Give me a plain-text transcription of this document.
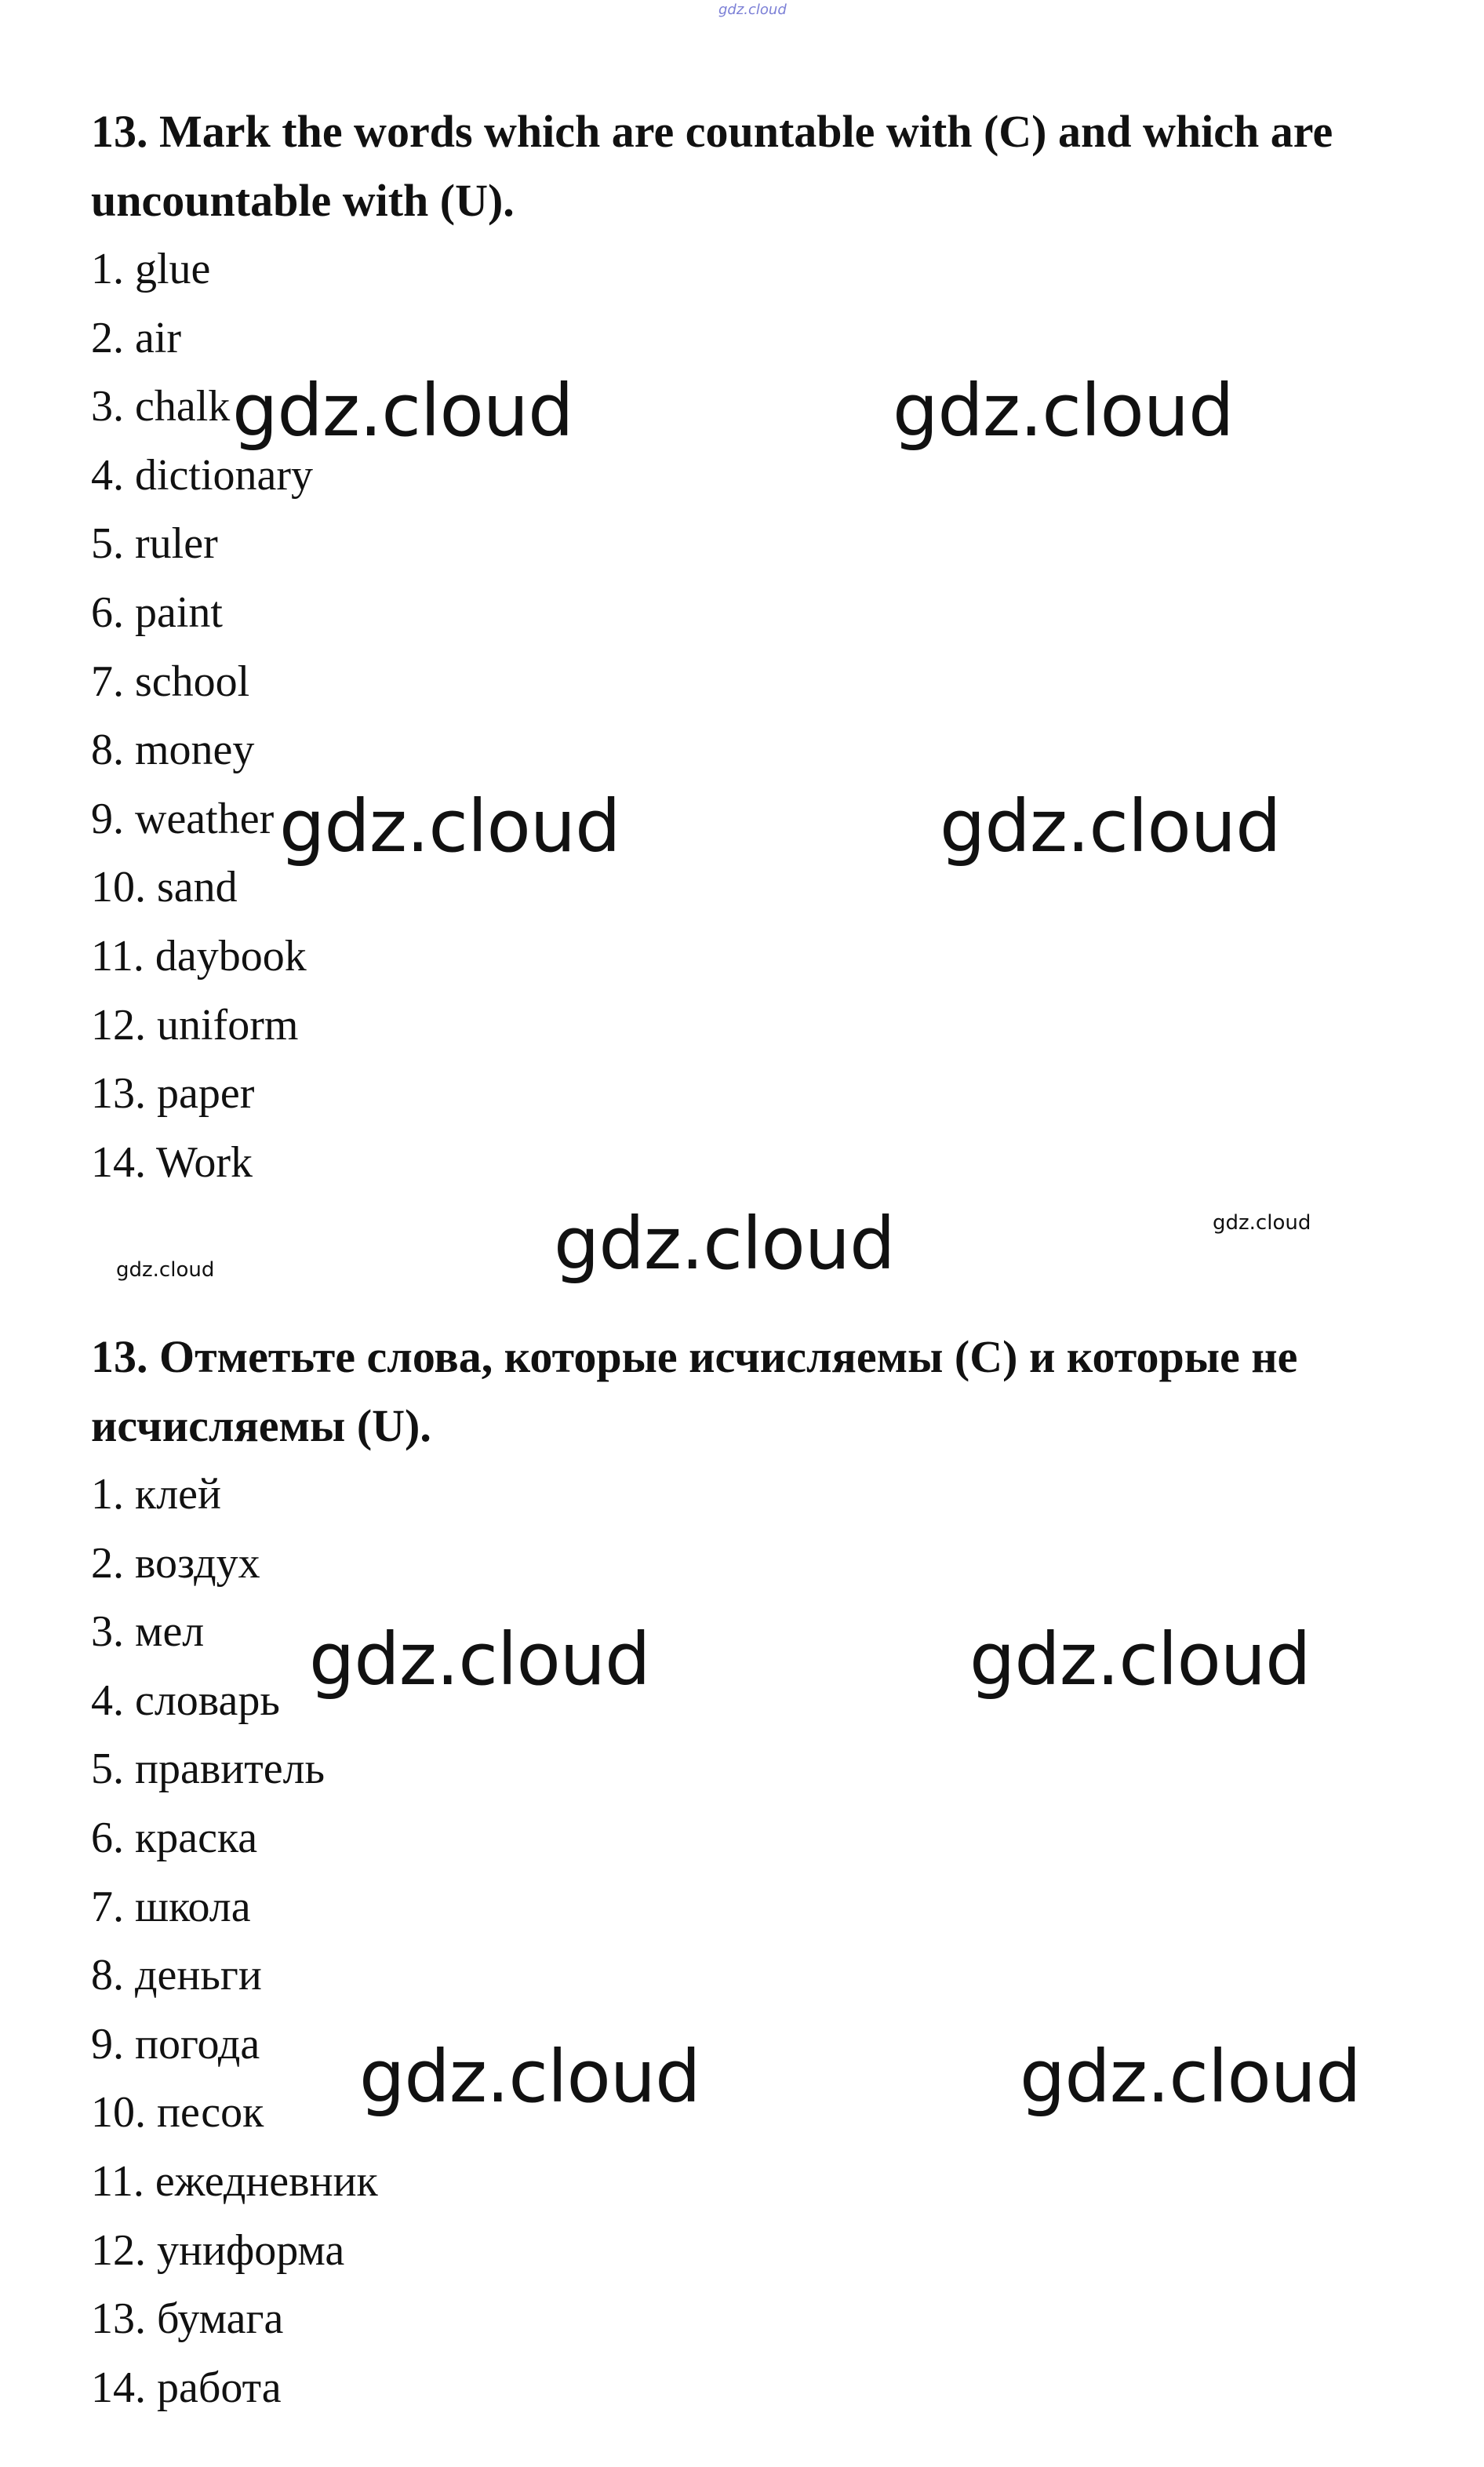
gdz.cloud

13. Mark the words which are countable with (C) and which are uncountable with (U).

1. glue
2. air
3. chalk
4. dictionary
5. ruler
6. paint
7. school
8. money
9. weather
10. sand
11. daybook
12. uniform
13. paper
14. Work

13. Отметьте слова, которые исчисляемы (С) и которые не исчисляемы (U).

1. клей
2. воздух
3. мел
4. словарь
5. правитель
6. краска
7. школа
8. деньги
9. погода
10. песок
11. ежедневник
12. униформа
13. бумага
14. работа
gdz.cloud	gdz.cloud
gdz.cloud	gdz.cloud
gdz.cloud	gdz.cloud
gdz.cloud
gdz.cloud	gdz.cloud
gdz.cloud	gdz.cloud
